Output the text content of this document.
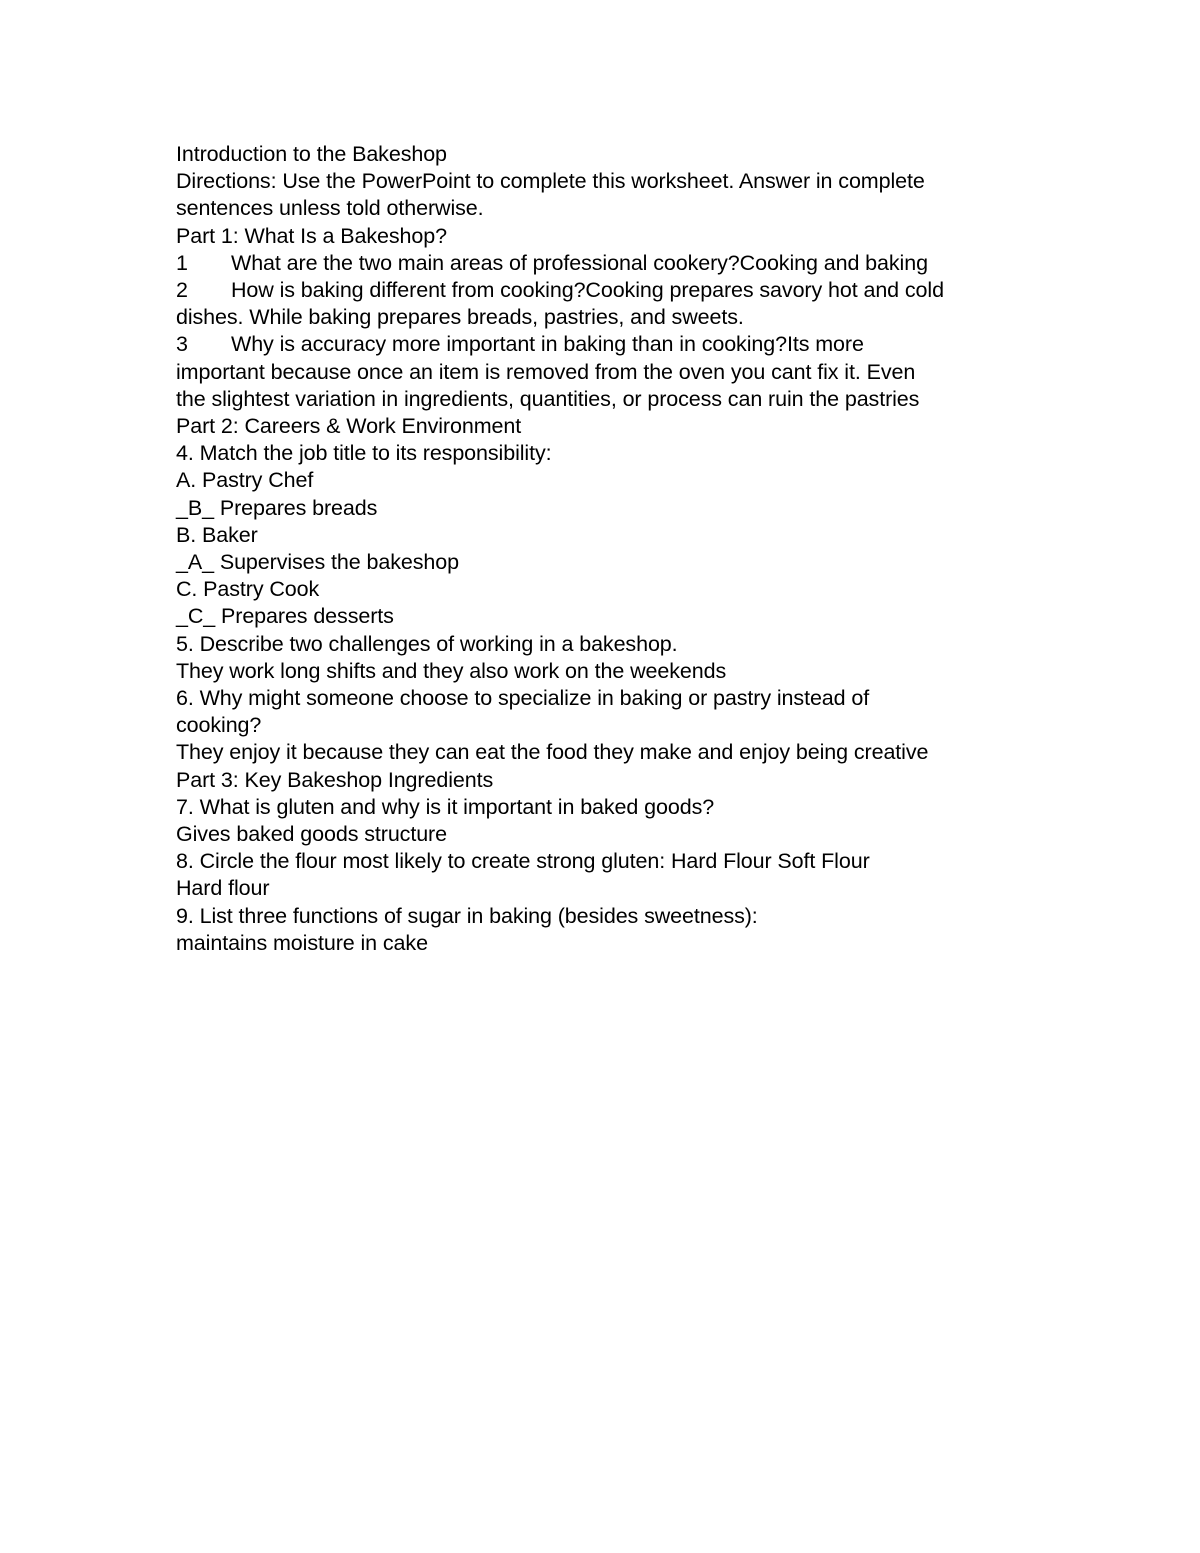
Introduction to the Bakeshop
Directions: Use the PowerPoint to complete this worksheet. Answer in complete
sentences unless told otherwise.
Part 1: What Is a Bakeshop?
1 What are the two main areas of professional cookery?Cooking and baking
2 How is baking different from cooking?Cooking prepares savory hot and cold
dishes. While baking prepares breads, pastries, and sweets.
3 Why is accuracy more important in baking than in cooking?Its more
important because once an item is removed from the oven you cant fix it. Even
the slightest variation in ingredients, quantities, or process can ruin the pastries
Part 2: Careers & Work Environment
4. Match the job title to its responsibility:
A. Pastry Chef
_B_ Prepares breads
B. Baker
_A_ Supervises the bakeshop
C. Pastry Cook
_C_ Prepares desserts
5. Describe two challenges of working in a bakeshop.
They work long shifts and they also work on the weekends
6. Why might someone choose to specialize in baking or pastry instead of
cooking?
They enjoy it because they can eat the food they make and enjoy being creative
Part 3: Key Bakeshop Ingredients
7. What is gluten and why is it important in baked goods?
Gives baked goods structure
8. Circle the flour most likely to create strong gluten: Hard Flour Soft Flour
Hard flour
9. List three functions of sugar in baking (besides sweetness):
maintains moisture in cake
